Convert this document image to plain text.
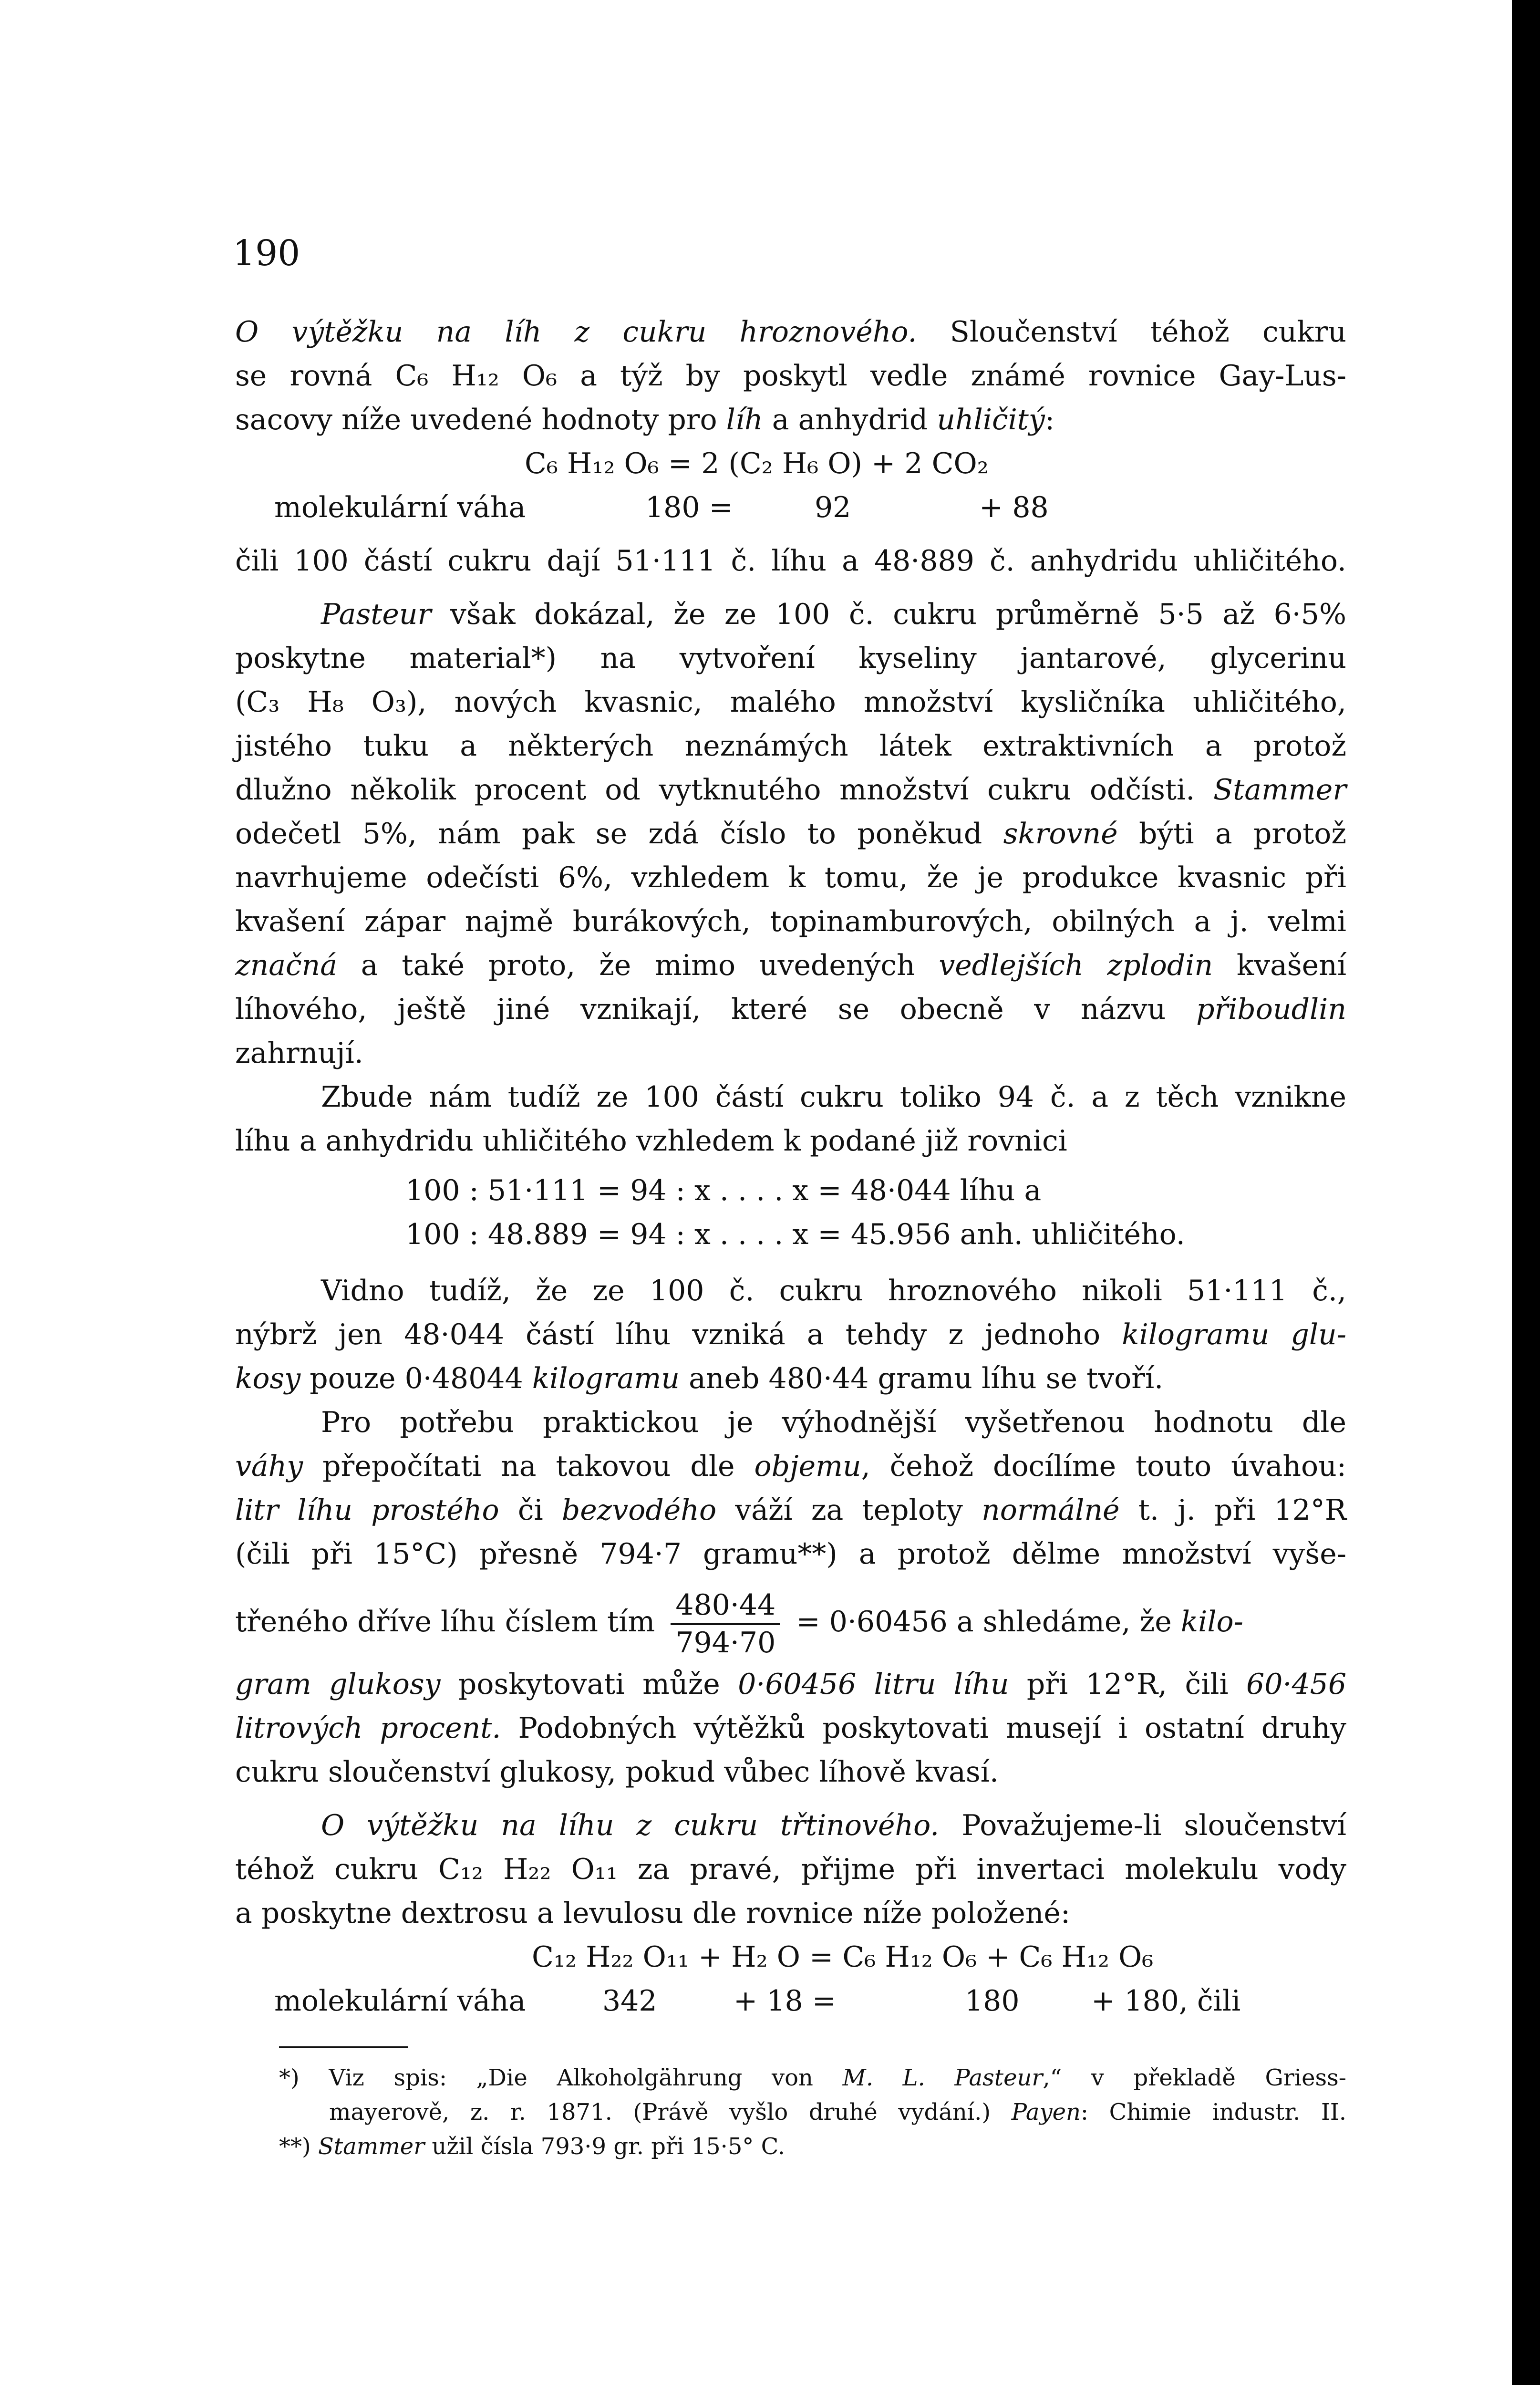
190
O výtěžku na líh z cukru hroznového. Sloučenství téhož cukru
se rovná C₆ H₁₂ O₆ a týž by poskytl vedle známé rovnice Gay-Lus-
sacovy níže uvedené hodnoty pro líh a anhydrid uhličitý:
C₆ H₁₂ O₆ = 2 (C₂ H₆ O) + 2 CO₂
molekulární váha	180 =	92	+ 88
čili 100 částí cukru dají 51·111 č. líhu a 48·889 č. anhydridu uhličitého.
Pasteur však dokázal, že ze 100 č. cukru průměrně 5·5 až 6·5%
poskytne material*) na vytvoření kyseliny jantarové, glycerinu
(C₃ H₈ O₃), nových kvasnic, malého množství kysličníka uhličitého,
jistého tuku a některých neznámých látek extraktivních a protož
dlužno několik procent od vytknutého množství cukru odčísti. Stammer
odečetl 5%, nám pak se zdá číslo to poněkud skrovné býti a protož
navrhujeme odečísti 6%, vzhledem k tomu, že je produkce kvasnic při
kvašení zápar najmě burákových, topinamburových, obilných a j. velmi
značná a také proto, že mimo uvedených vedlejších zplodin kvašení
líhového, ještě jiné vznikají, které se obecně v názvu přiboudlin
zahrnují.
Zbude nám tudíž ze 100 částí cukru toliko 94 č. a z těch vznikne
líhu a anhydridu uhličitého vzhledem k podané již rovnici
100 : 51·111 = 94 : x . . . . x = 48·044 líhu a
100 : 48.889 = 94 : x . . . . x = 45.956 anh. uhličitého.
Vidno tudíž, že ze 100 č. cukru hroznového nikoli 51·111 č.,
nýbrž jen 48·044 částí líhu vzniká a tehdy z jednoho kilogramu glu-
kosy pouze 0·48044 kilogramu aneb 480·44 gramu líhu se tvoří.
Pro potřebu praktickou je výhodnější vyšetřenou hodnotu dle
váhy přepočítati na takovou dle objemu, čehož docílíme touto úvahou:
litr líhu prostého či bezvodého váží za teploty normálné t. j. při 12°R
(čili při 15°C) přesně 794·7 gramu**) a protož dělme množství vyše-
třeného dříve líhu číslem tím $\frac{480\cdot 44}{794\cdot 70} = 0\cdot 60456$ a shledáme, že kilo-
gram glukosy poskytovati může 0·60456 litru líhu při 12°R, čili 60·456
litrových procent. Podobných výtěžků poskytovati musejí i ostatní druhy
cukru sloučenství glukosy, pokud vůbec líhově kvasí.
O výtěžku na líhu z cukru třtinového. Považujeme-li sloučenství
téhož cukru C₁₂ H₂₂ O₁₁ za pravé, přijme při invertaci molekulu vody
a poskytne dextrosu a levulosu dle rovnice níže položené:
C₁₂ H₂₂ O₁₁ + H₂ O = C₆ H₁₂ O₆ + C₆ H₁₂ O₆
molekulární váha	342	+ 18 =	180	+ 180, čili
*) Viz spis: „Die Alkoholgährung von M. L. Pasteur,“ v překladě Griess-
mayerově, z. r. 1871. (Právě vyšlo druhé vydání.) Payen: Chimie industr. II.
**) Stammer užil čísla 793·9 gr. při 15·5° C.
